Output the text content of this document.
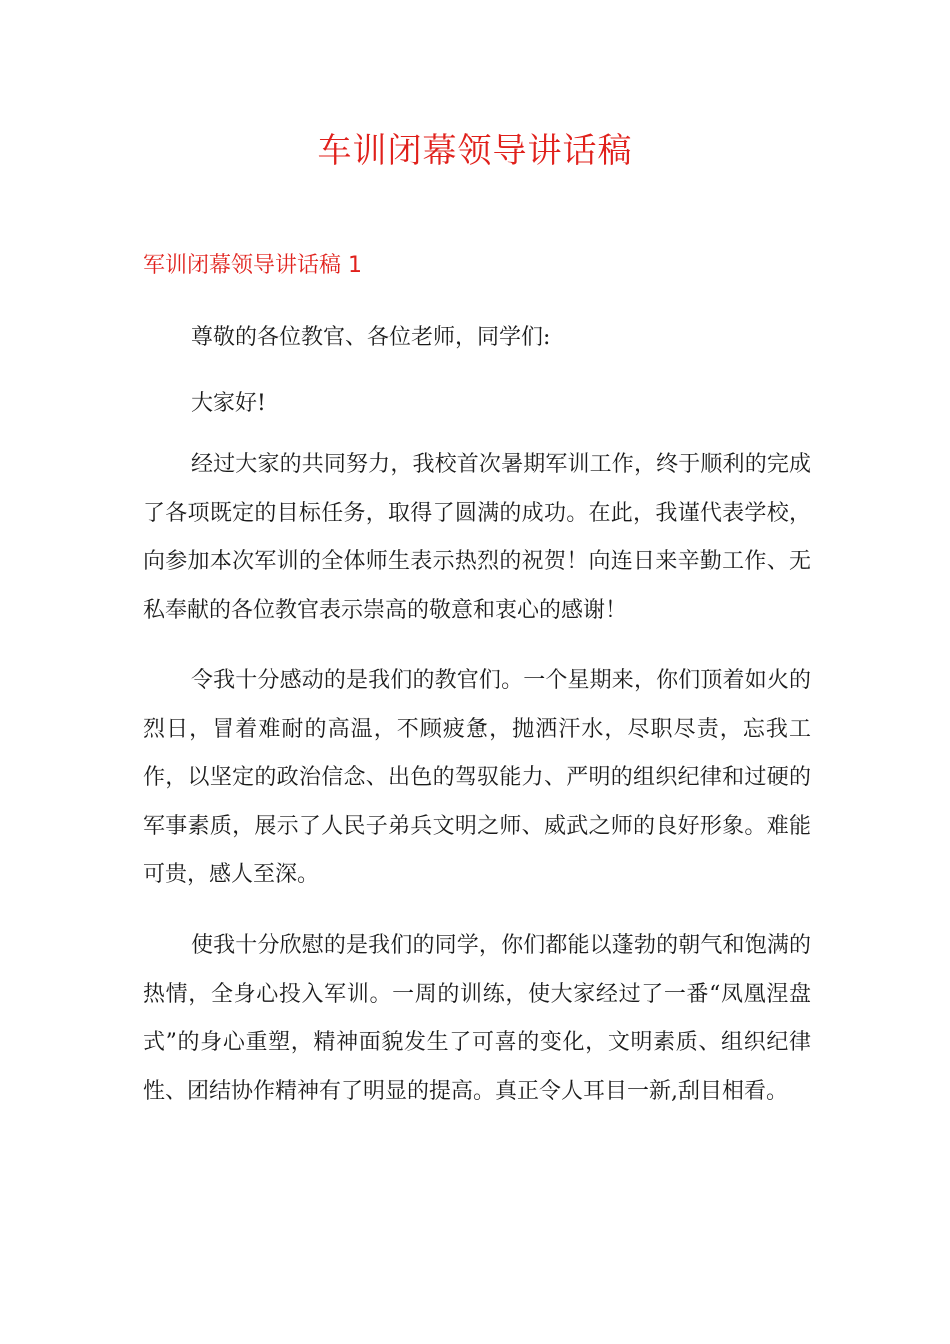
车训闭幕领导讲话稿
军训闭幕领导讲话稿 1

尊敬的各位教官、各位老师，同学们:

大家好!

经过大家的共同努力，我校首次暑期军训工作，终于顺利的完成了各项既定的目标任务，取得了圆满的成功。在此，我谨代表学校，向参加本次军训的全体师生表示热烈的祝贺！向连日来辛勤工作、无私奉献的各位教官表示崇高的敬意和衷心的感谢！

令我十分感动的是我们的教官们。一个星期来，你们顶着如火的烈日，冒着难耐的高温，不顾疲惫，抛洒汗水，尽职尽责，忘我工作，以坚定的政治信念、出色的驾驭能力、严明的组织纪律和过硬的军事素质，展示了人民子弟兵文明之师、威武之师的良好形象。难能可贵，感人至深。

使我十分欣慰的是我们的同学，你们都能以蓬勃的朝气和饱满的热情，全身心投入军训。一周的训练，使大家经过了一番“凤凰涅盘式”的身心重塑，精神面貌发生了可喜的变化，文明素质、组织纪律性、团结协作精神有了明显的提高。真正令人耳目一新,刮目相看。
